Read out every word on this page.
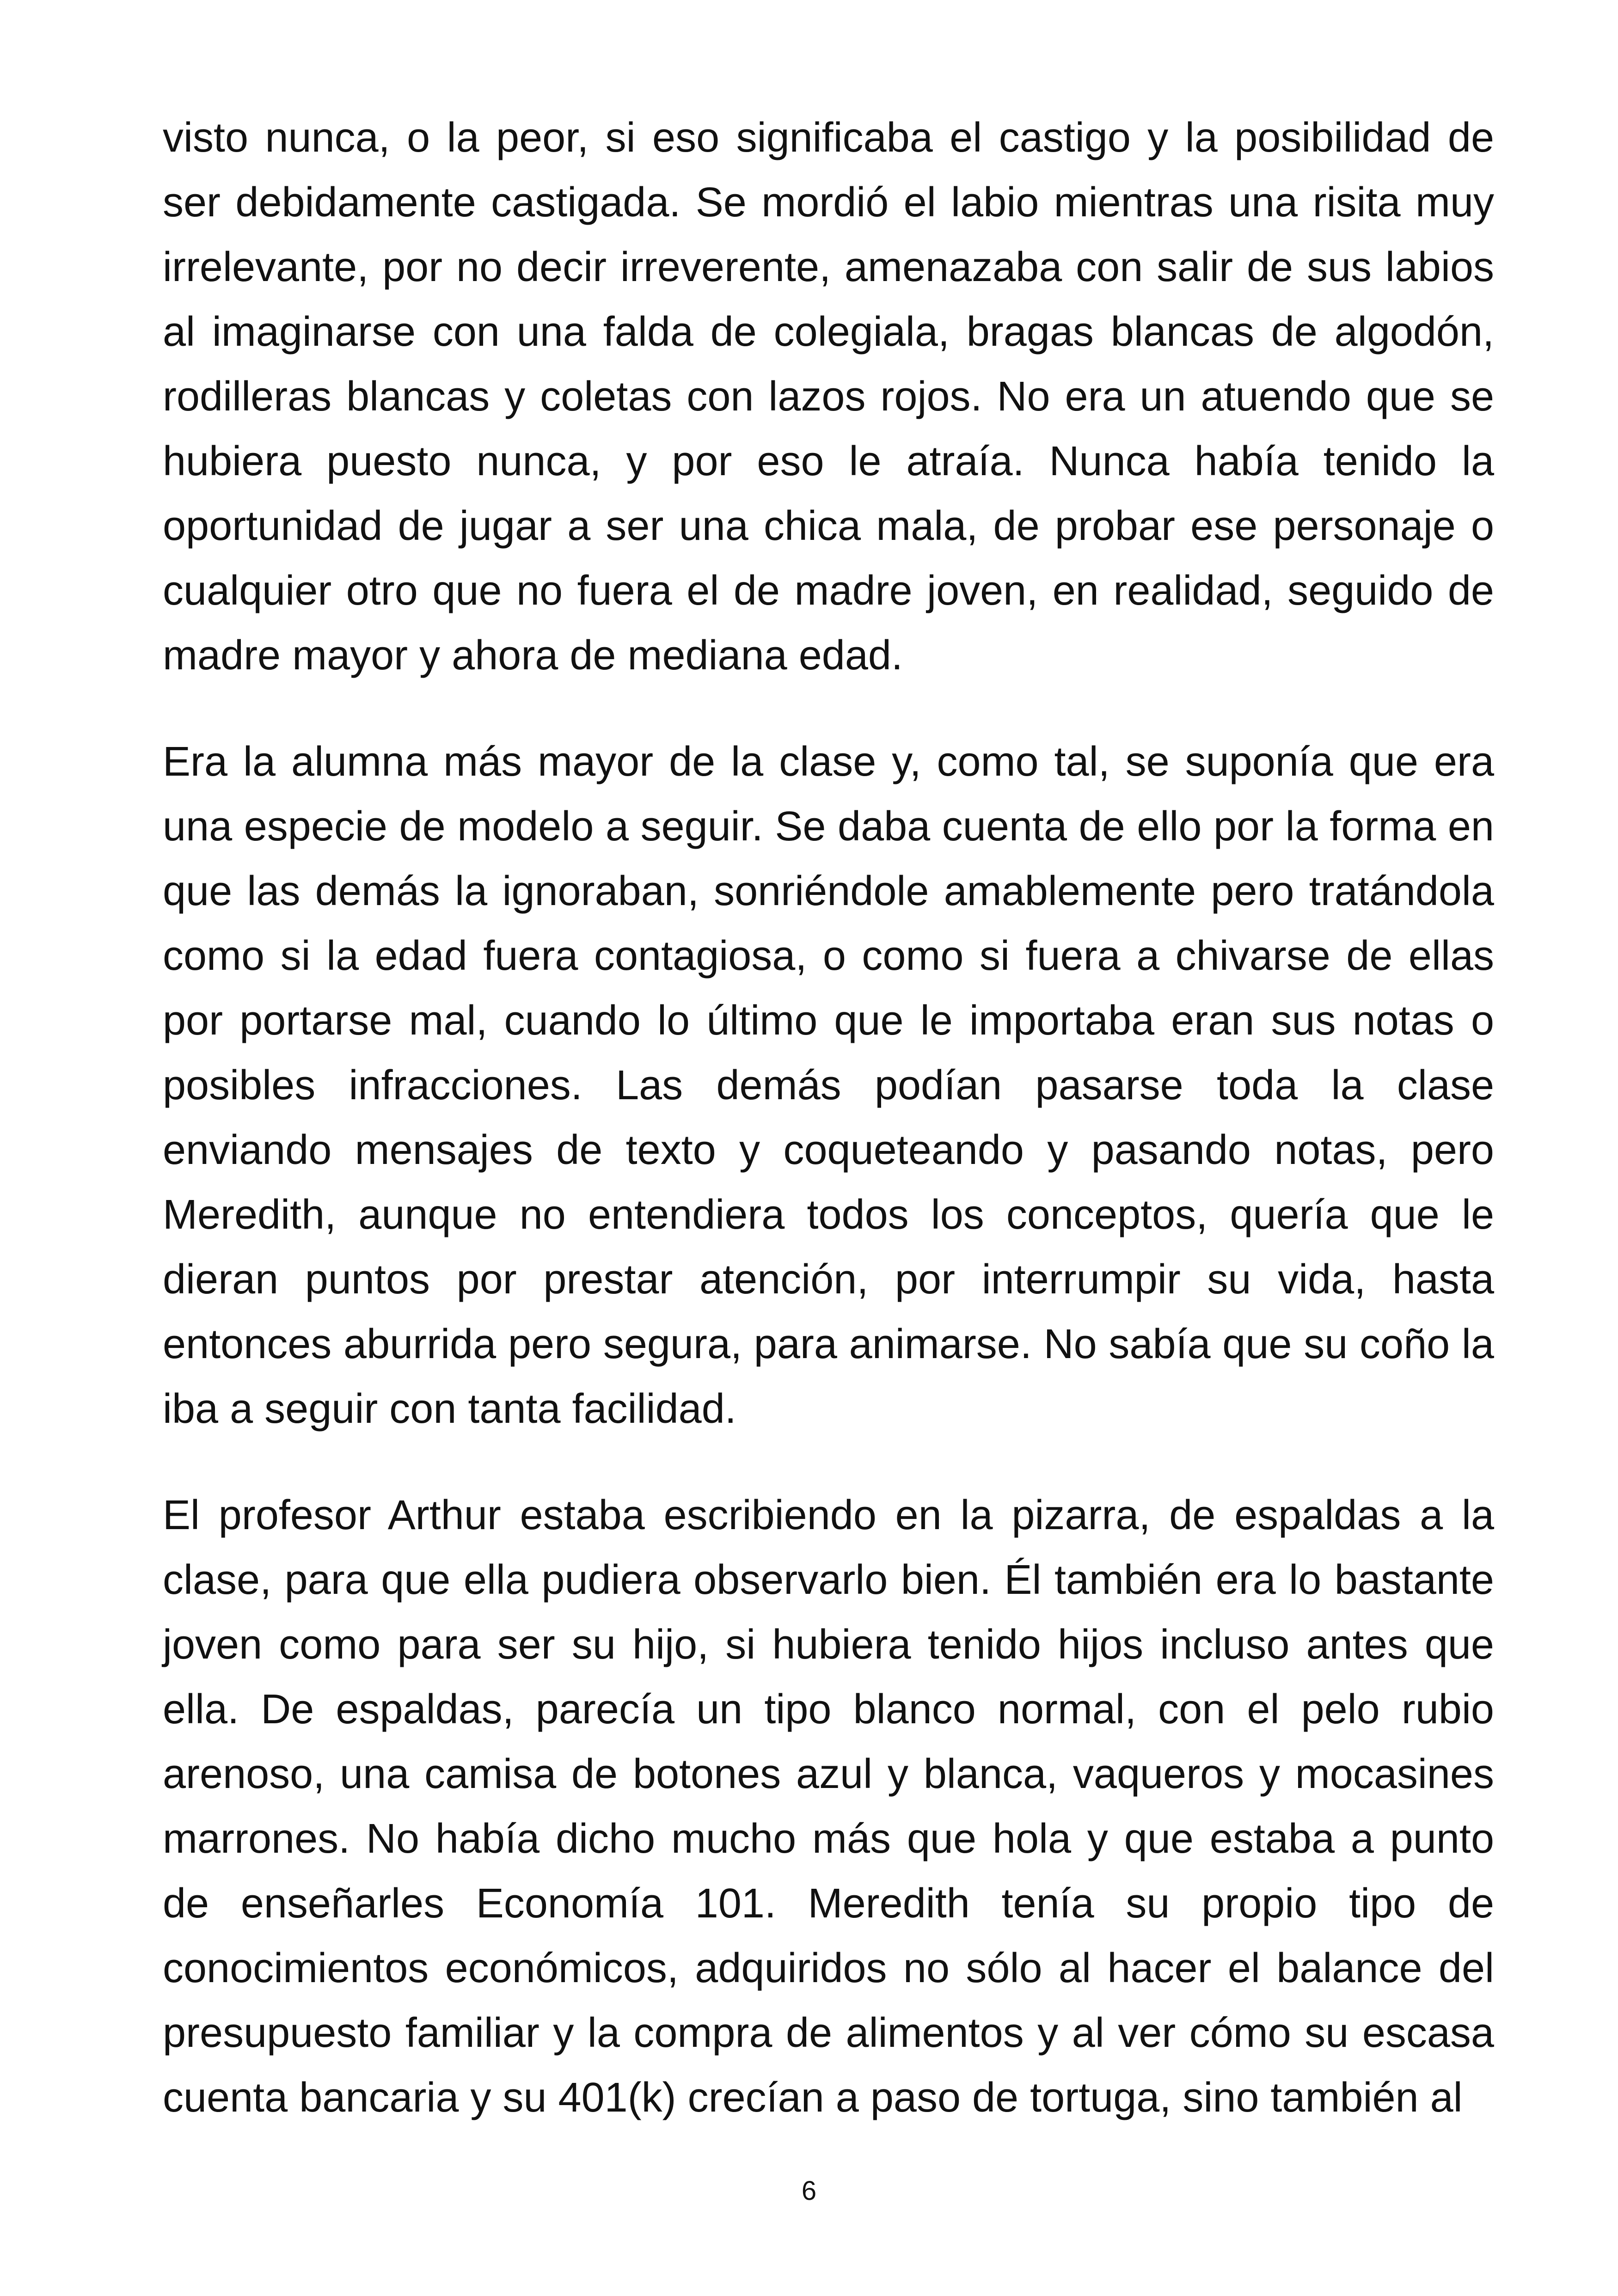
visto nunca, o la peor, si eso significaba el castigo y la posibilidad de ser debidamente castigada. Se mordió el labio mientras una risita muy irrelevante, por no decir irreverente, amenazaba con salir de sus labios al imaginarse con una falda de colegiala, bragas blancas de algodón, rodilleras blancas y coletas con lazos rojos. No era un atuendo que se hubiera puesto nunca, y por eso le atraía. Nunca había tenido la oportunidad de jugar a ser una chica mala, de probar ese personaje o cualquier otro que no fuera el de madre joven, en realidad, seguido de madre mayor y ahora de mediana edad.

Era la alumna más mayor de la clase y, como tal, se suponía que era una especie de modelo a seguir. Se daba cuenta de ello por la forma en que las demás la ignoraban, sonriéndole amablemente pero tratándola como si la edad fuera contagiosa, o como si fuera a chivarse de ellas por portarse mal, cuando lo último que le importaba eran sus notas o posibles infracciones. Las demás podían pasarse toda la clase enviando mensajes de texto y coqueteando y pasando notas, pero Meredith, aunque no entendiera todos los conceptos, quería que le dieran puntos por prestar atención, por interrumpir su vida, hasta entonces aburrida pero segura, para animarse. No sabía que su coño la iba a seguir con tanta facilidad.

El profesor Arthur estaba escribiendo en la pizarra, de espaldas a la clase, para que ella pudiera observarlo bien. Él también era lo bastante joven como para ser su hijo, si hubiera tenido hijos incluso antes que ella. De espaldas, parecía un tipo blanco normal, con el pelo rubio arenoso, una camisa de botones azul y blanca, vaqueros y mocasines marrones. No había dicho mucho más que hola y que estaba a punto de enseñarles Economía 101. Meredith tenía su propio tipo de conocimientos económicos, adquiridos no sólo al hacer el balance del presupuesto familiar y la compra de alimentos y al ver cómo su escasa cuenta bancaria y su 401(k) crecían a paso de tortuga, sino también al

6
